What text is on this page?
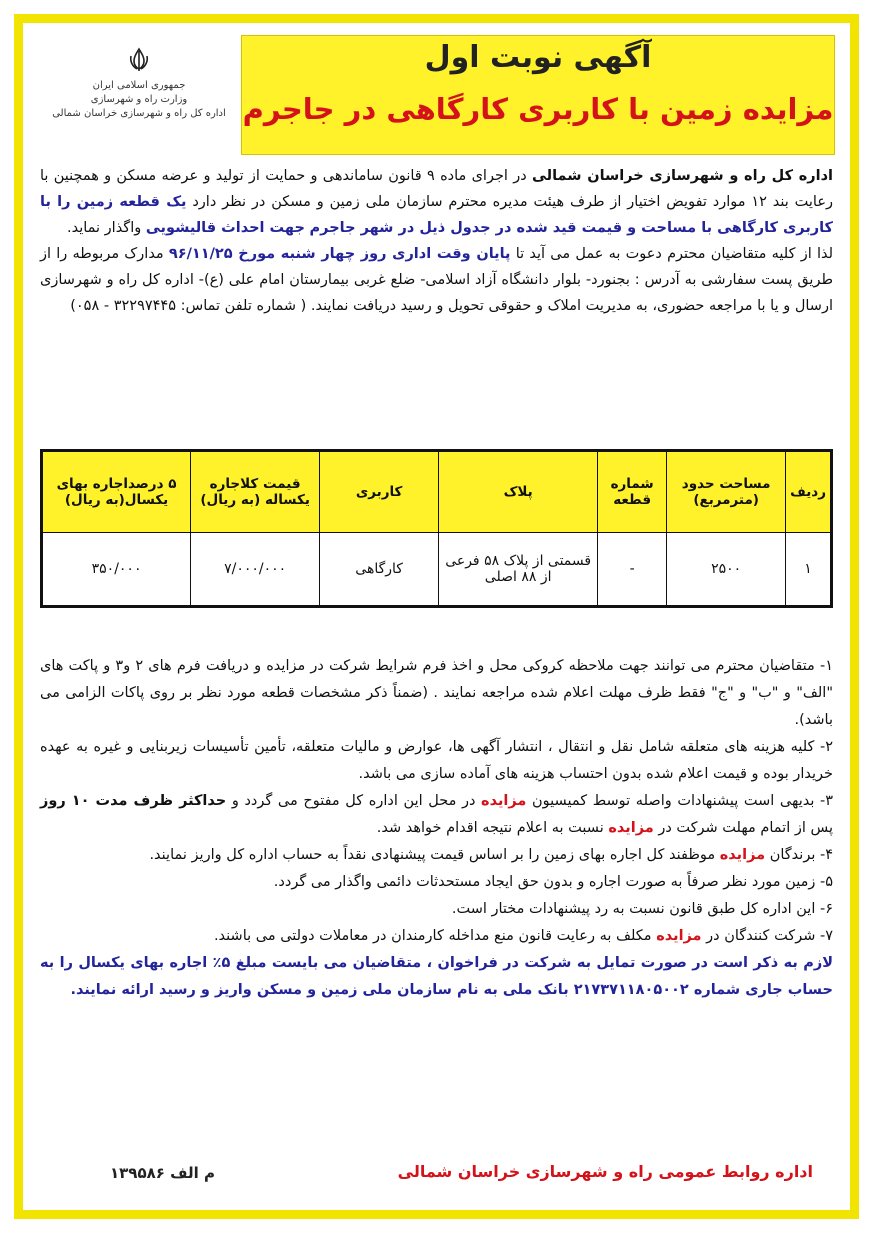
جمهوری اسلامی ایران
وزارت راه و شهرسازی
اداره کل راه و شهرسازی خراسان شمالی
آگهی نوبت اول
مزایده زمین با کاربری کارگاهی در جاجرم
اداره کل راه و شهرسازی خراسان شمالی در اجرای ماده ۹ قانون ساماندهی و حمایت از تولید و عرضه مسکن و همچنین با رعایت بند ۱۲ موارد تفویض اختیار از طرف هیئت مدیره محترم سازمان ملی زمین و مسکن در نظر دارد یک قطعه زمین را با کاربری کارگاهی با مساحت و قیمت قید شده در جدول ذیل در شهر جاجرم جهت احداث قالیشویی واگذار نماید.
لذا از کلیه متقاضیان محترم دعوت به عمل می آید تا پایان وقت اداری روز چهار شنبه مورخ ۹۶/۱۱/۲۵ مدارک مربوطه را از طریق پست سفارشی به آدرس : بجنورد- بلوار دانشگاه آزاد اسلامی- ضلع غربی بیمارستان امام علی (ع)- اداره کل راه و شهرسازی ارسال و یا با مراجعه حضوری، به مدیریت املاک و حقوقی تحویل و رسید دریافت نمایند. ( شماره تلفن تماس: ۳۲۲۹۷۴۴۵ - ۰۵۸)
ردیف	مساحت حدود (مترمربع)	شماره قطعه	پلاک	کاربری	قیمت کلاجاره یکساله (به ریال)	۵ درصداجاره بهای یکسال(به ریال)
۱	۲۵۰۰	-	قسمتی از پلاک ۵۸ فرعی از ۸۸ اصلی	کارگاهی	۷/۰۰۰/۰۰۰	۳۵۰/۰۰۰

۱- متقاضیان محترم می توانند جهت ملاحظه کروکی محل و اخذ فرم شرایط شرکت در مزایده و دریافت فرم های ۲ و۳ و پاکت های "الف" و "ب" و "ج" فقط ظرف مهلت اعلام شده مراجعه نمایند . (ضمناً ذکر مشخصات قطعه مورد نظر بر روی پاکات الزامی می باشد).

۲- کلیه هزینه های متعلقه شامل نقل و انتقال ، انتشار آگهی ها، عوارض و مالیات متعلقه، تأمین تأسیسات زیربنایی و غیره به عهده خریدار بوده و قیمت اعلام شده بدون احتساب هزینه های آماده سازی می باشد.

۳- بدیهی است پیشنهادات واصله توسط کمیسیون مزایده در محل این اداره کل مفتوح می گردد و حداکثر ظرف مدت ۱۰ روز پس از اتمام مهلت شرکت در مزایده نسبت به اعلام نتیجه اقدام خواهد شد.

۴- برندگان مزایده موظفند کل اجاره بهای زمین را بر اساس قیمت پیشنهادی نقداً به حساب اداره کل واریز نمایند.

۵- زمین مورد نظر صرفاً به صورت اجاره و بدون حق ایجاد مستحدثات دائمی واگذار می گردد.

۶- این اداره کل طبق قانون نسبت به رد پیشنهادات مختار است.

۷- شرکت کنندگان در مزایده مکلف به رعایت قانون منع مداخله کارمندان در معاملات دولتی می باشند.

لازم به ذکر است در صورت تمایل به شرکت در فراخوان ، متقاضیان می بایست مبلغ ۵٪ اجاره بهای یکسال را به حساب جاری شماره ۲۱۷۳۷۱۱۸۰۵۰۰۲ بانک ملی به نام سازمان ملی زمین و مسکن واریز و رسید ارائه نمایند.

اداره روابط عمومی راه و شهرسازی خراسان شمالی
م الف ۱۳۹۵۸۶
